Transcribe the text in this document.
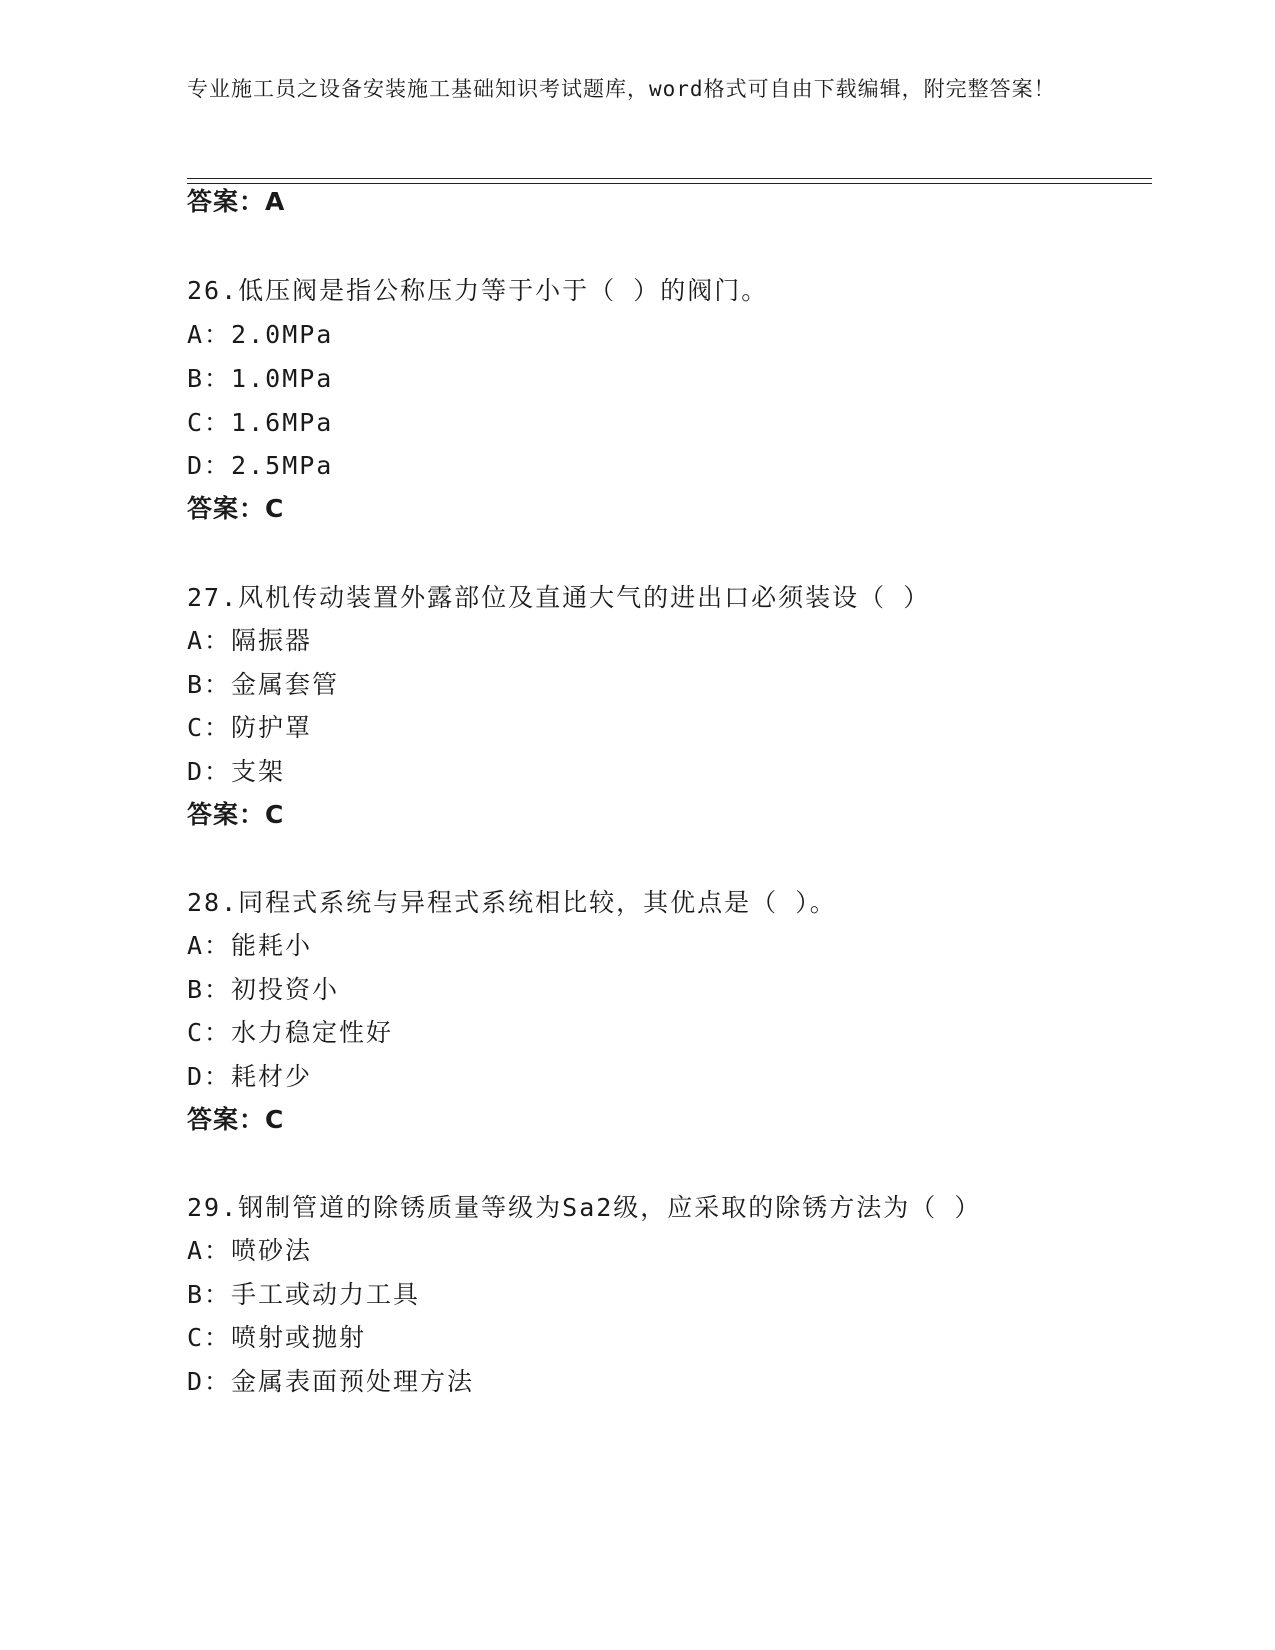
专业施工员之设备安装施工基础知识考试题库，word格式可自由下载编辑，附完整答案！
答案：A
26.低压阀是指公称压力等于小于（ ）的阀门。
A：2.0MPa
B：1.0MPa
C：1.6MPa
D：2.5MPa
答案：C
27.风机传动装置外露部位及直通大气的进出口必须装设（ ）
A：隔振器
B：金属套管
C：防护罩
D：支架
答案：C
28.同程式系统与异程式系统相比较，其优点是（ ）。
A：能耗小
B：初投资小
C：水力稳定性好
D：耗材少
答案：C
29.钢制管道的除锈质量等级为Sa2级，应采取的除锈方法为（ ）
A：喷砂法
B：手工或动力工具
C：喷射或抛射
D：金属表面预处理方法
